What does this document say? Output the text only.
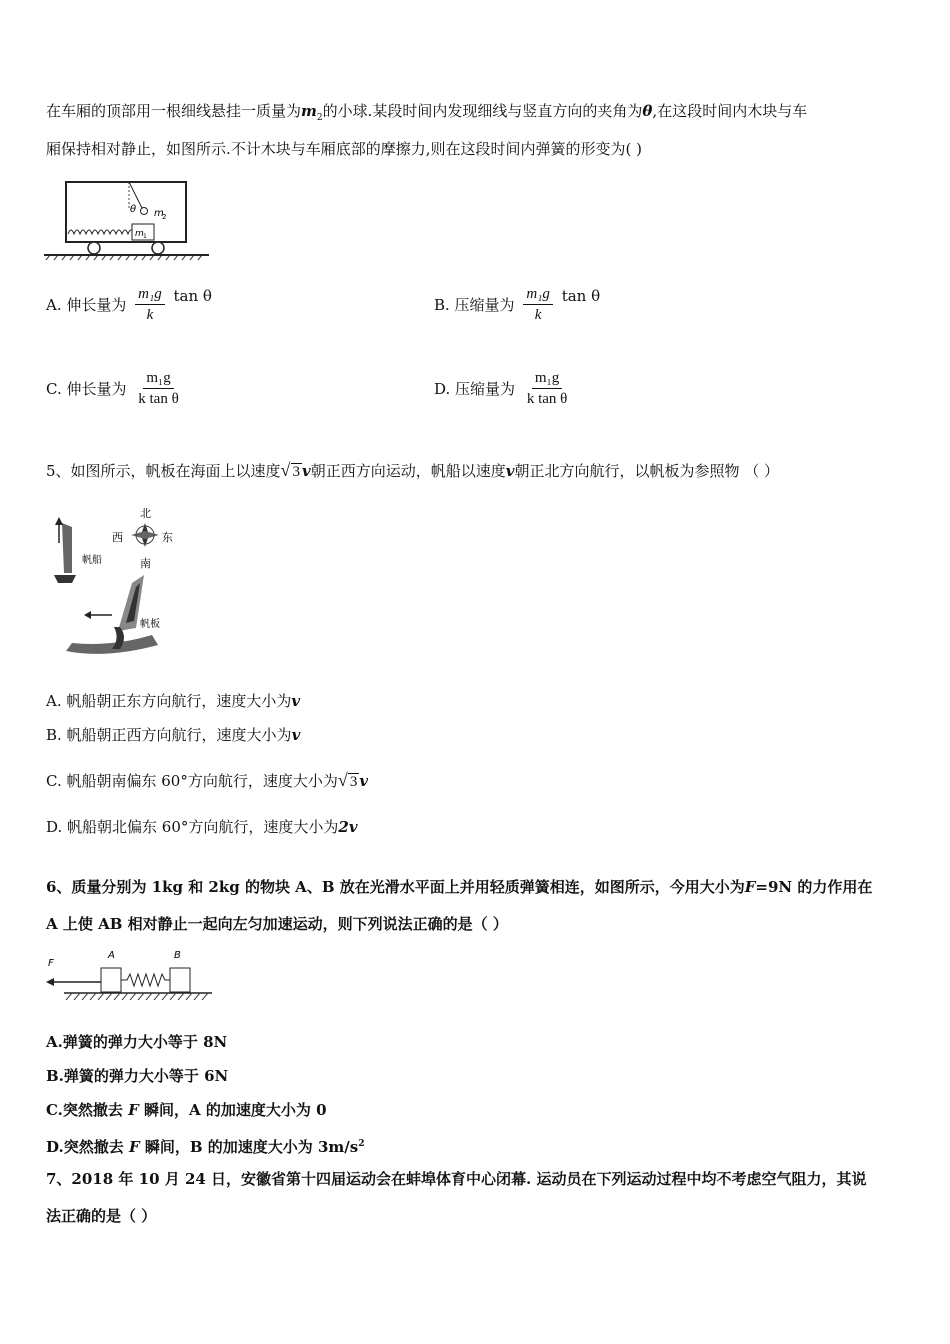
在车厢的顶部用一根细线悬挂一质量为$m_2$的小球.某段时间内发现细线与竖直方向的夹角为θ,在这段时间内木块与车
厢保持相对静止，如图所示.不计木块与车厢底部的摩擦力,则在这段时间内弹簧的形变为( )
θ m
2
m 1
A. 伸长量为 $\frac{\text{m₁g}}{k}$ tan θ
B. 压缩量为 $\frac{\text{m₁g}}{k}$ tan θ
C. 伸长量为 $\frac{\text{m₁g}}{\text{k tan θ}}$	D. 压缩量为 $\frac{\text{m₁g}}{\text{k tan θ}}$
5、如图所示，帆板在海面上以速度 √ 3 v朝正西方向运动，帆船以速度v朝正北方向航行，以帆板为参照物 （ ）
北
南
西	东
帆船
帆板
A. 帆船朝正东方向航行，速度大小为v
B. 帆船朝正西方向航行，速度大小为v
C. 帆船朝南偏东 60°方向航行，速度大小为 √ 3 v
D. 帆船朝北偏东 60°方向航行，速度大小为2v
6、质量分别为 1kg 和 2kg 的物块 A、B 放在光滑水平面上并用轻质弹簧相连，如图所示，今用大小为F=9N 的力作用在
A 上使 AB 相对静止一起向左匀加速运动，则下列说法正确的是（ ）
F
A	B
A.弹簧的弹力大小等于 8N
B.弹簧的弹力大小等于 6N
C.突然撤去 F 瞬间，A 的加速度大小为 0
D.突然撤去 F 瞬间，B 的加速度大小为 $3m/s^2$
7、2018 年 10 月 24 日，安徽省第十四届运动会在蚌埠体育中心闭幕. 运动员在下列运动过程中均不考虑空气阻力，其说
法正确的是（ ）
